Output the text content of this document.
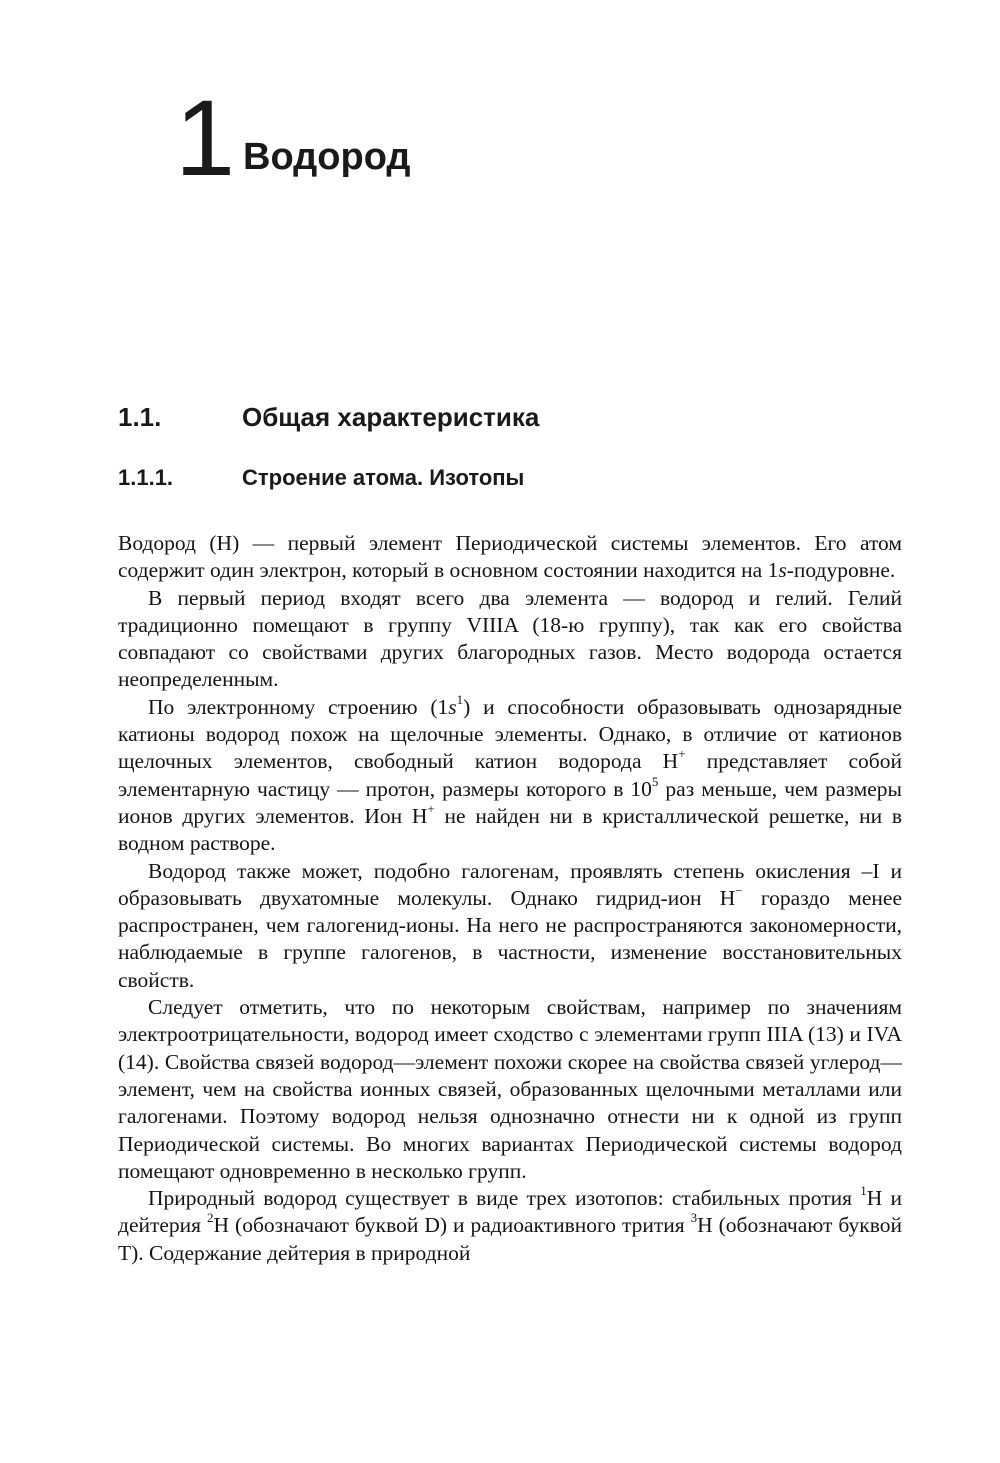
1 Водород
1.1.	Общая характеристика
1.1.1.	Строение атома. Изотопы

Водород (Н) — первый элемент Периодической системы элементов. Его атом содержит один электрон, который в основном состоянии находится на 1s-подуровне.

В первый период входят всего два элемента — водород и гелий. Гелий традиционно помещают в группу VIIIA (18-ю группу), так как его свойства совпадают со свойствами других благородных газов. Место водорода остается неопределенным.

По электронному строению $(1s^1)$ и способности образовывать однозарядные катионы водород похож на щелочные элементы. Однако, в отличие от катионов щелочных элементов, свободный катион водорода H+ представляет собой элементарную частицу — протон, размеры которого в $10^5$ раз меньше, чем размеры ионов других элементов. Ион H+ не найден ни в кристаллической решетке, ни в водном растворе.

Водород также может, подобно галогенам, проявлять степень окисления –I и образовывать двухатомные молекулы. Однако гидрид-ион H− гораздо менее распространен, чем галогенид-ионы. На него не распространяются закономерности, наблюдаемые в группе галогенов, в частности, изменение восстановительных свойств.

Следует отметить, что по некоторым свойствам, например по значениям электроотрицательности, водород имеет сходство с элементами групп IIIA (13) и IVA (14). Свойства связей водород—элемент похожи скорее на свойства связей углерод—элемент, чем на свойства ионных связей, образованных щелочными металлами или галогенами. Поэтому водород нельзя однозначно отнести ни к одной из групп Периодической системы. Во многих вариантах Периодической системы водород помещают одновременно в несколько групп.

Природный водород существует в виде трех изотопов: стабильных протия $^1$H и дейтерия $^2$H (обозначают буквой D) и радиоактивного трития $^3$H (обозначают буквой T). Содержание дейтерия в природной
